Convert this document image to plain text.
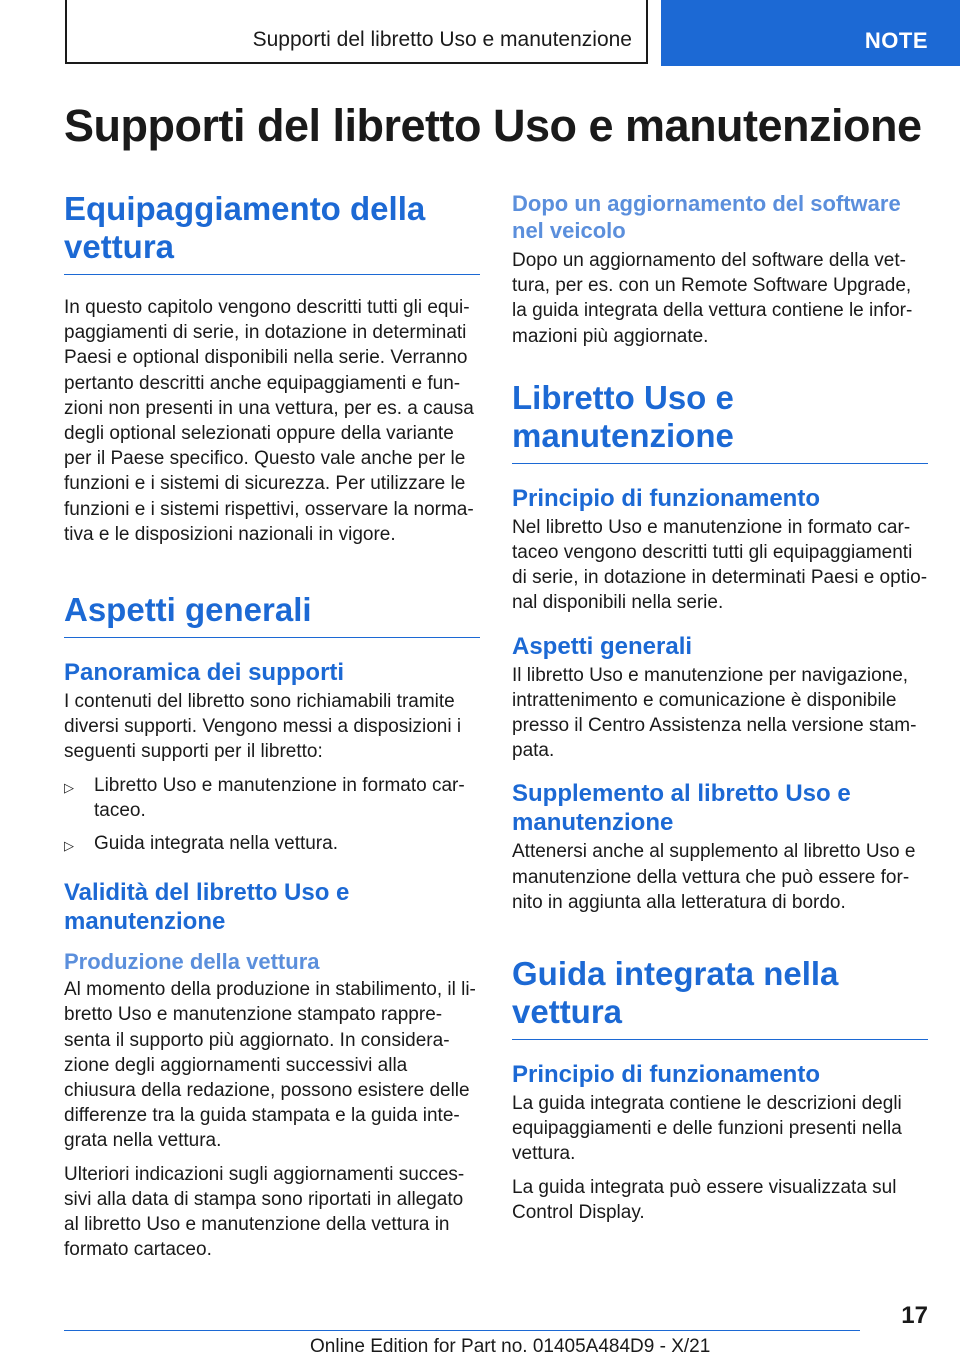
Supporti del libretto Uso e manutenzione	NOTE
Supporti del libretto Uso e manutenzione
Equipaggiamento della vettura

In questo capitolo vengono descritti tutti gli equipaggiamenti di serie, in dotazione in determinati Paesi e optional disponibili nella serie. Verranno pertanto descritti anche equipaggiamenti e funzioni non presenti in una vettura, per es. a causa degli optional selezionati oppure della variante per il Paese specifico. Questo vale anche per le funzioni e i sistemi di sicurezza. Per utilizzare le funzioni e i sistemi rispettivi, osservare la normativa e le disposizioni nazionali in vigore.

Aspetti generali
Panoramica dei supporti

I contenuti del libretto sono richiamabili tramite diversi supporti. Vengono messi a disposizioni i seguenti supporti per il libretto:

▷ Libretto Uso e manutenzione in formato cartaceo.
▷ Guida integrata nella vettura.
Validità del libretto Uso e manutenzione
Produzione della vettura

Al momento della produzione in stabilimento, il libretto Uso e manutenzione stampato rappresenta il supporto più aggiornato. In considerazione degli aggiornamenti successivi alla chiusura della redazione, possono esistere delle differenze tra la guida stampata e la guida integrata nella vettura.

Ulteriori indicazioni sugli aggiornamenti successivi alla data di stampa sono riportati in allegato al libretto Uso e manutenzione della vettura in formato cartaceo.

Dopo un aggiornamento del software nel veicolo

Dopo un aggiornamento del software della vettura, per es. con un Remote Software Upgrade, la guida integrata della vettura contiene le informazioni più aggiornate.

Libretto Uso e manutenzione
Principio di funzionamento

Nel libretto Uso e manutenzione in formato cartaceo vengono descritti tutti gli equipaggiamenti di serie, in dotazione in determinati Paesi e optional disponibili nella serie.

Aspetti generali

Il libretto Uso e manutenzione per navigazione, intrattenimento e comunicazione è disponibile presso il Centro Assistenza nella versione stampata.

Supplemento al libretto Uso e manutenzione

Attenersi anche al supplemento al libretto Uso e manutenzione della vettura che può essere fornito in aggiunta alla letteratura di bordo.

Guida integrata nella vettura
Principio di funzionamento

La guida integrata contiene le descrizioni degli equipaggiamenti e delle funzioni presenti nella vettura.

La guida integrata può essere visualizzata sul Control Display.

17
Online Edition for Part no. 01405A484D9 - X/21
